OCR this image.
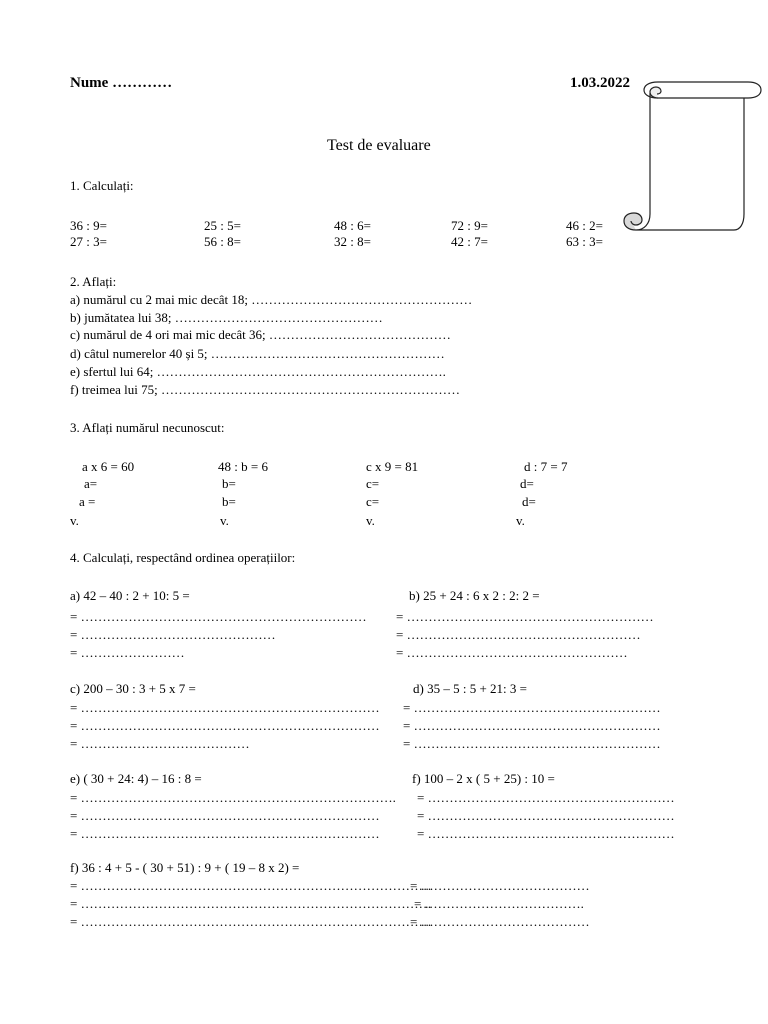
Nume …………	1.03.2022
Test de evaluare
1. Calculați:
36 : 9=	25 : 5=	48 : 6=	72 : 9=	46 : 2=
27 : 3=	56 : 8=	32 : 8=	42 : 7=	63 : 3=
2. Aflați:
a) numărul cu 2 mai mic decât 18; ……………………………………………
b) jumătatea lui 38; …………………………………………
c) numărul de 4 ori mai mic decât 36; ……………………………………
d) câtul numerelor 40 și 5; ………………………………………………
e) sfertul lui 64; ………………………………………………………….
f) treimea lui 75; ……………………………………………………………
3. Aflați numărul necunoscut:
a x 6 = 60	48 : b = 6	c x 9 = 81	d : 7 = 7
a=	b=	c=	d=
a =	b=	c=	d=
v.	v.	v.	v.
4. Calculați, respectând ordinea operațiilor:
a) 42 – 40 : 2 + 10: 5 =
= …………………………………………………………
= ………………………………………
= ……………………
b) 25 + 24 : 6 x 2 : 2: 2 =
= …………………………………………………
= ………………………………………………
= ……………………………………………
c) 200 – 30 : 3 + 5 x 7 =
= ……………………………………………………………
= ……………………………………………………………
= …………………………………
d) 35 – 5 : 5 + 21: 3 =
= …………………………………………………
= …………………………………………………
= …………………………………………………
e) ( 30 + 24: 4) – 16 : 8 =
= ……………………………………………………………….
= ……………………………………………………………
= ……………………………………………………………
f) 100 – 2 x ( 5 + 25) : 10 =
= …………………………………………………
= …………………………………………………
= …………………………………………………
f) 36 : 4 + 5 - ( 30 + 51) : 9 + ( 19 – 8 x 2) =
= ………………………………………………………………………
= ………………………………………………………………………
= ………………………………………………………………………
= …………………………………
= ……………………………….
= …………………………………
